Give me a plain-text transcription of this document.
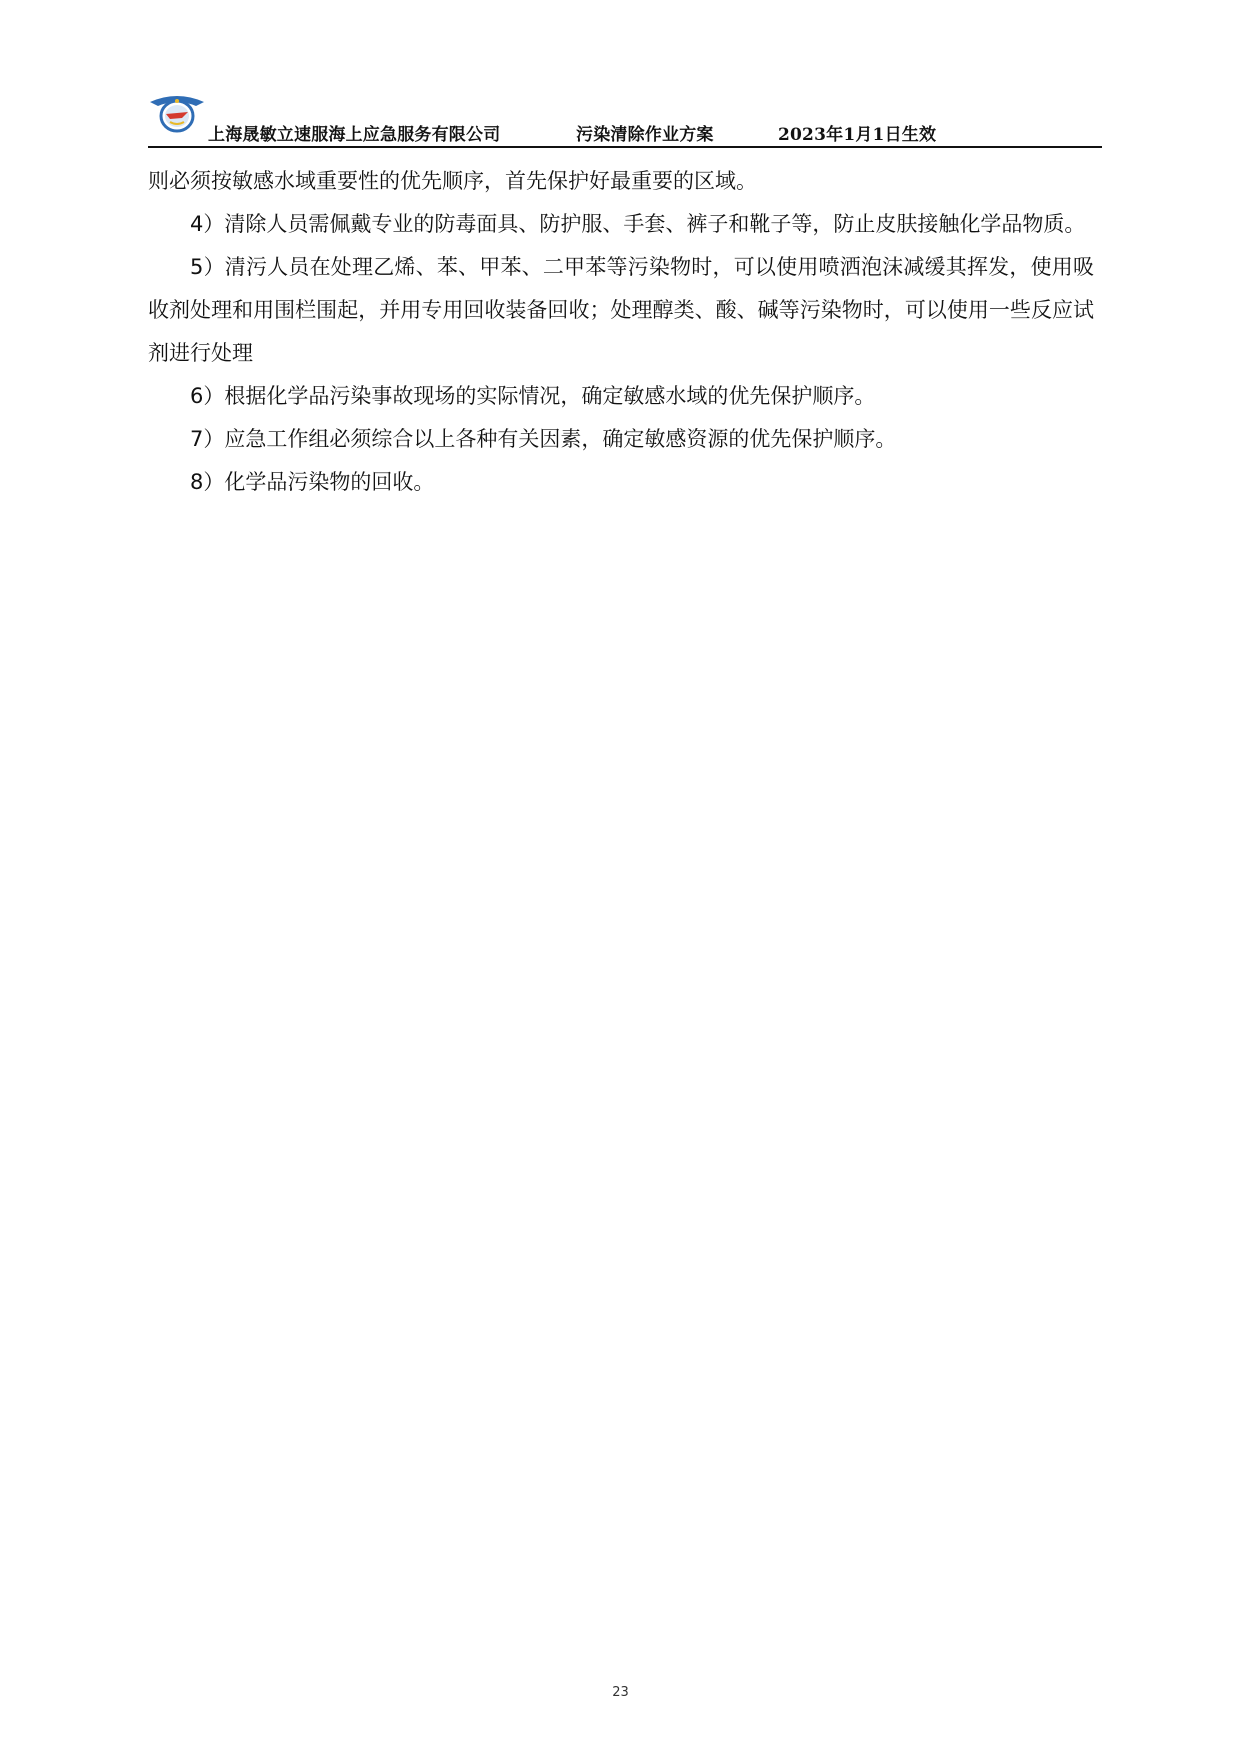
上海晟敏立速服海上应急服务有限公司	污染清除作业方案	2023年1月1日生效

则必须按敏感水域重要性的优先顺序，首先保护好最重要的区域。

4）清除人员需佩戴专业的防毒面具、防护服、手套、裤子和靴子等，防止皮肤接触化学品物质。

5）清污人员在处理乙烯、苯、甲苯、二甲苯等污染物时，可以使用喷洒泡沫减缓其挥发，使用吸收剂处理和用围栏围起，并用专用回收装备回收；处理醇类、酸、碱等污染物时，可以使用一些反应试剂进行处理

6）根据化学品污染事故现场的实际情况，确定敏感水域的优先保护顺序。

7）应急工作组必须综合以上各种有关因素，确定敏感资源的优先保护顺序。

8）化学品污染物的回收。

23
